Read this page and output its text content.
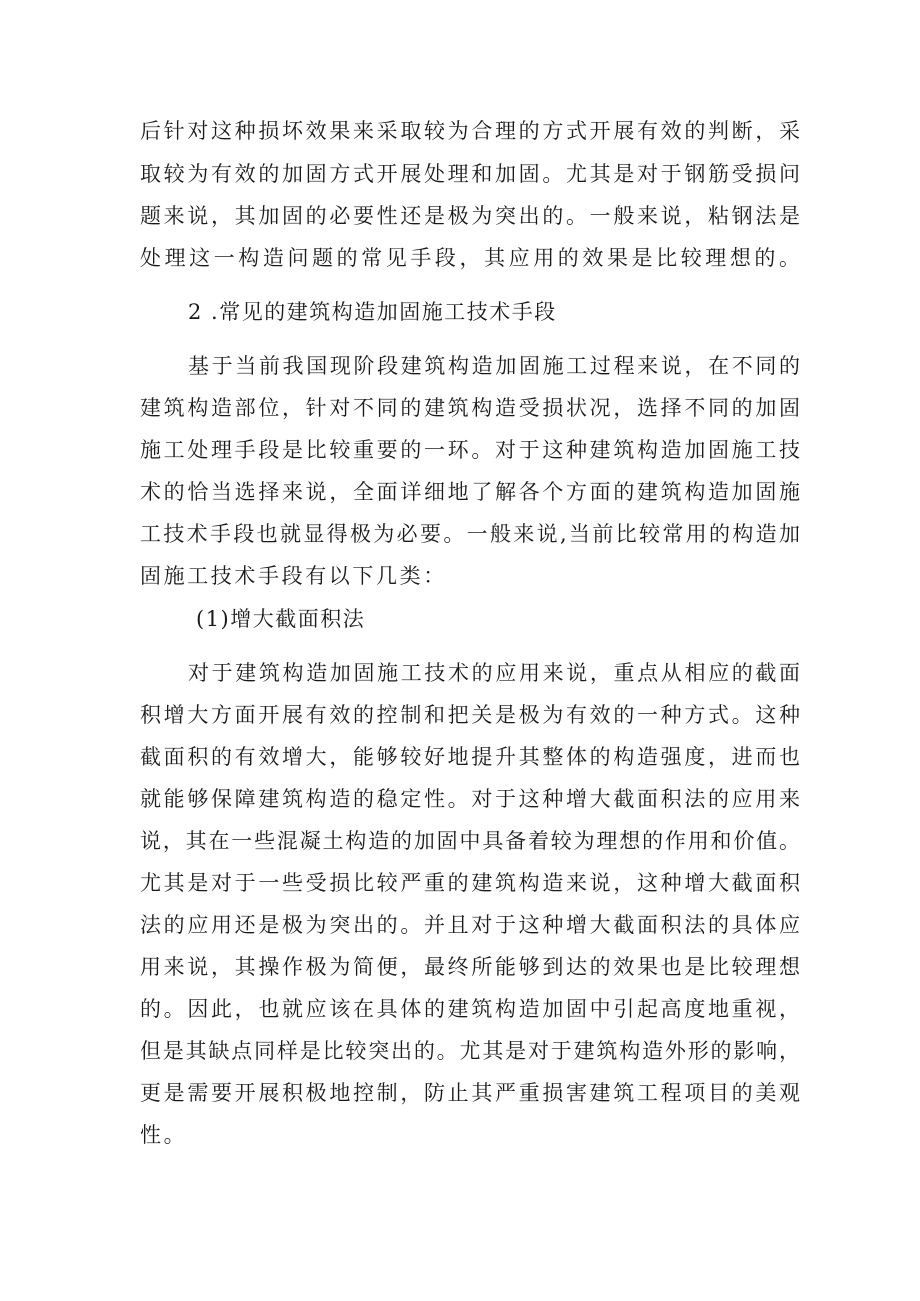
后针对这种损坏效果来采取较为合理的方式开展有效的判断，采
取较为有效的加固方式开展处理和加固。尤其是对于钢筋受损问
题来说，其加固的必要性还是极为突出的。一般来说，粘钢法是
处理这一构造问题的常见手段，其应用的效果是比较理想的。
2 .常见的建筑构造加固施工技术手段
基于当前我国现阶段建筑构造加固施工过程来说，在不同的
建筑构造部位，针对不同的建筑构造受损状况，选择不同的加固
施工处理手段是比较重要的一环。对于这种建筑构造加固施工技
术的恰当选择来说，全面详细地了解各个方面的建筑构造加固施
工技术手段也就显得极为必要。一般来说,当前比较常用的构造加
固施工技术手段有以下几类：
(1)增大截面积法
对于建筑构造加固施工技术的应用来说，重点从相应的截面
积增大方面开展有效的控制和把关是极为有效的一种方式。这种
截面积的有效增大，能够较好地提升其整体的构造强度，进而也
就能够保障建筑构造的稳定性。对于这种增大截面积法的应用来
说，其在一些混凝土构造的加固中具备着较为理想的作用和价值。
尤其是对于一些受损比较严重的建筑构造来说，这种增大截面积
法的应用还是极为突出的。并且对于这种增大截面积法的具体应
用来说，其操作极为简便，最终所能够到达的效果也是比较理想
的。因此，也就应该在具体的建筑构造加固中引起高度地重视，
但是其缺点同样是比较突出的。尤其是对于建筑构造外形的影响，
更是需要开展积极地控制，防止其严重损害建筑工程项目的美观
性。
